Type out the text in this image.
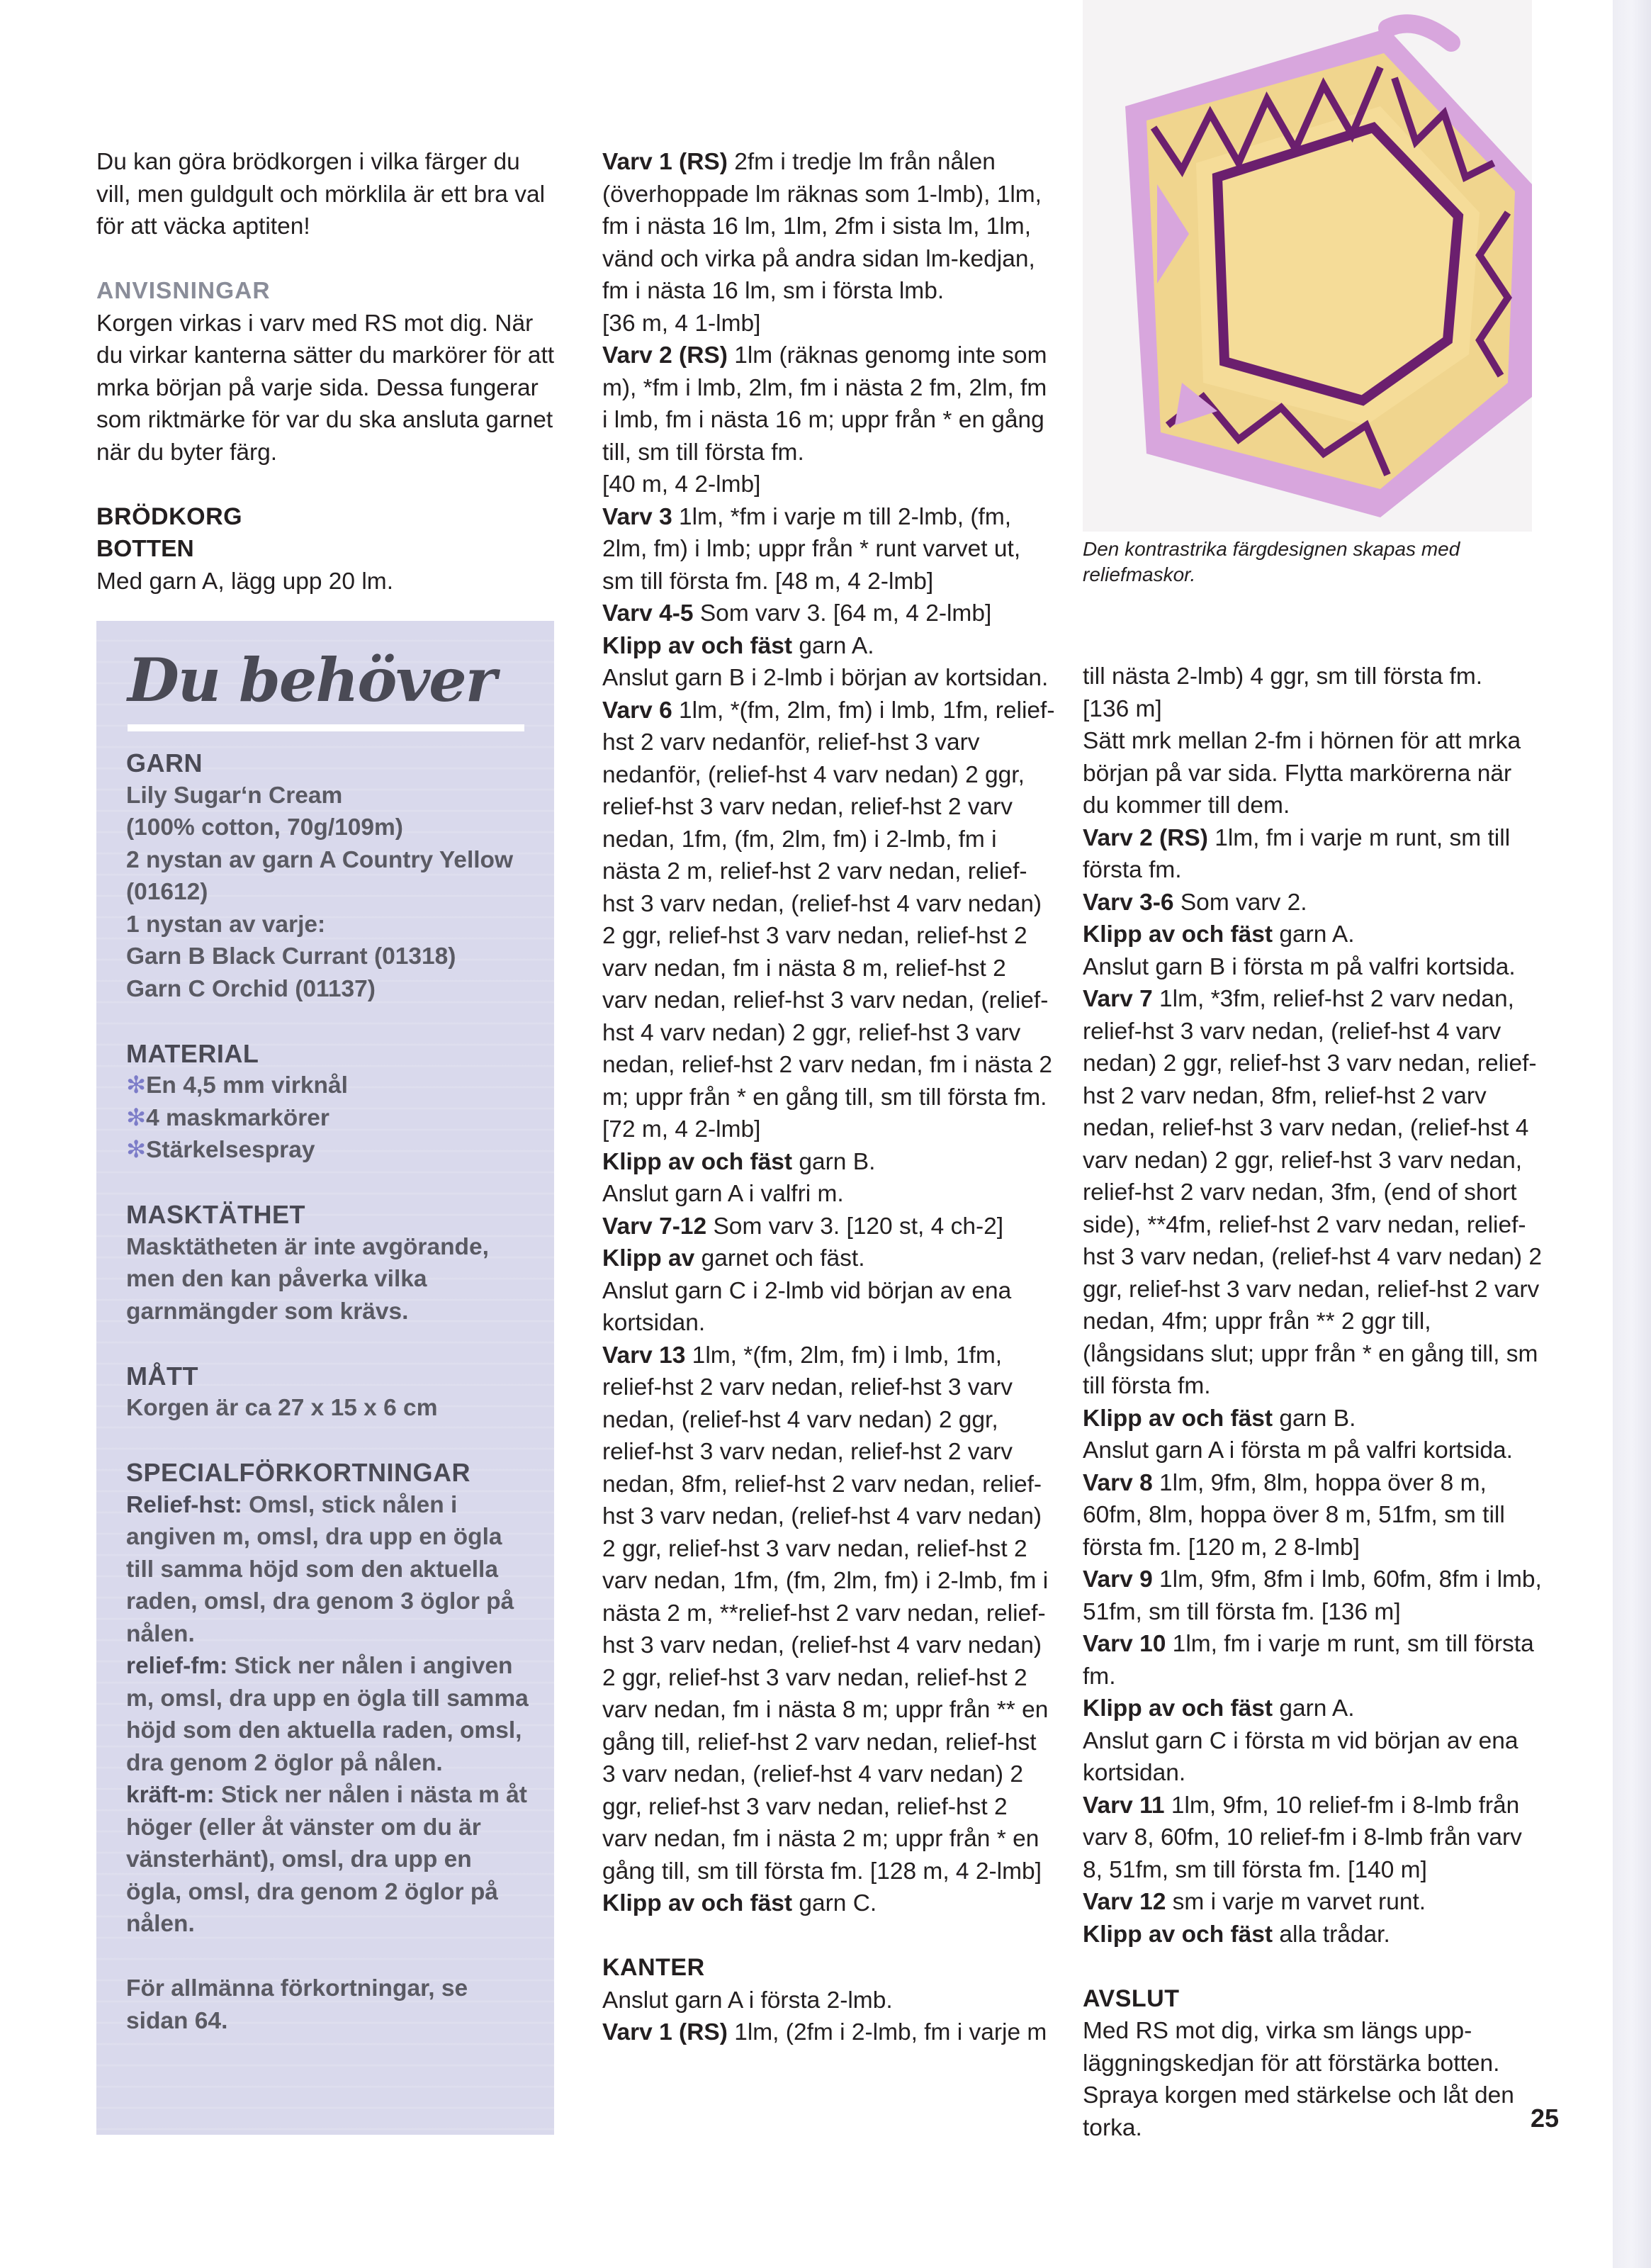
Du kan göra brödkorgen i vilka färger du vill, men guldgult och mörklila är ett bra val för att väcka aptiten!

ANVISNINGAR

Korgen virkas i varv med RS mot dig. När du virkar kanterna sätter du markörer för att mrka början på varje sida. Dessa fungerar som riktmärke för var du ska ansluta garnet när du byter färg.

BRÖDKORG

BOTTEN

Med garn A, lägg upp 20 lm.

Du behöver

GARN

Lily Sugar‘n Cream

(100% cotton, 70g/109m)

2 nystan av garn A Country Yellow (01612)

1 nystan av varje:

Garn B Black Currant (01318)

Garn C Orchid (01137)

MATERIAL

✻En 4,5 mm virknål

✻4 maskmarkörer

✻Stärkelsespray

MASKTÄTHET

Masktätheten är inte avgörande, men den kan påverka vilka garnmängder som krävs.

MÅTT

Korgen är ca 27 x 15 x 6 cm

SPECIALFÖRKORTNINGAR

Relief-hst: Omsl, stick nålen i angiven m, omsl, dra upp en ögla till samma höjd som den aktuella raden, omsl, dra genom 3 öglor på nålen.

relief-fm: Stick ner nålen i angiven m, omsl, dra upp en ögla till samma höjd som den aktuella raden, omsl, dra genom 2 öglor på nålen.

kräft-m: Stick ner nålen i nästa m åt höger (eller åt vänster om du är vänsterhänt), omsl, dra upp en ögla, omsl, dra genom 2 öglor på nålen.

För allmänna förkortningar, se sidan 64.

Varv 1 (RS) 2fm i tredje lm från nålen (överhoppade lm räknas som 1-lmb), 1lm, fm i nästa 16 lm, 1lm, 2fm i sista lm, 1lm, vänd och virka på andra sidan lm-kedjan, fm i nästa 16 lm, sm i första lmb.

[36 m, 4 1-lmb]

Varv 2 (RS) 1lm (räknas genomg inte som m), *fm i lmb, 2lm, fm i nästa 2 fm, 2lm, fm i lmb, fm i nästa 16 m; uppr från * en gång till, sm till första fm.

[40 m, 4 2-lmb]

Varv 3 1lm, *fm i varje m till 2-lmb, (fm, 2lm, fm) i lmb; uppr från * runt varvet ut, sm till första fm. [48 m, 4 2-lmb]

Varv 4-5 Som varv 3. [64 m, 4 2-lmb]

Klipp av och fäst garn A.

Anslut garn B i 2-lmb i början av kortsidan.

Varv 6 1lm, *(fm, 2lm, fm) i lmb, 1fm, relief-hst 2 varv nedanför, relief-hst 3 varv nedanför, (relief-hst 4 varv nedan) 2 ggr, relief-hst 3 varv nedan, relief-hst 2 varv nedan, 1fm, (fm, 2lm, fm) i 2-lmb, fm i nästa 2 m, relief-hst 2 varv nedan, relief-hst 3 varv nedan, (relief-hst 4 varv nedan) 2 ggr, relief-hst 3 varv nedan, relief-hst 2 varv nedan, fm i nästa 8 m, relief-hst 2 varv nedan, relief-hst 3 varv nedan, (relief-hst 4 varv nedan) 2 ggr, relief-hst 3 varv nedan, relief-hst 2 varv nedan, fm i nästa 2 m; uppr från * en gång till, sm till första fm.

[72 m, 4 2-lmb]

Klipp av och fäst garn B.

Anslut garn A i valfri m.

Varv 7-12 Som varv 3. [120 st, 4 ch-2]

Klipp av garnet och fäst.

Anslut garn C i 2-lmb vid början av ena kortsidan.

Varv 13 1lm, *(fm, 2lm, fm) i lmb, 1fm, relief-hst 2 varv nedan, relief-hst 3 varv nedan, (relief-hst 4 varv nedan) 2 ggr, relief-hst 3 varv nedan, relief-hst 2 varv nedan, 8fm, relief-hst 2 varv nedan, relief-hst 3 varv nedan, (relief-hst 4 varv nedan) 2 ggr, relief-hst 3 varv nedan, relief-hst 2 varv nedan, 1fm, (fm, 2lm, fm) i 2-lmb, fm i nästa 2 m, **relief-hst 2 varv nedan, relief-hst 3 varv nedan, (relief-hst 4 varv nedan) 2 ggr, relief-hst 3 varv nedan, relief-hst 2 varv nedan, fm i nästa 8 m; uppr från ** en gång till, relief-hst 2 varv nedan, relief-hst 3 varv nedan, (relief-hst 4 varv nedan) 2 ggr, relief-hst 3 varv nedan, relief-hst 2 varv nedan, fm i nästa 2 m; uppr från * en gång till, sm till första fm. [128 m, 4 2-lmb]

Klipp av och fäst garn C.

KANTER

Anslut garn A i första 2-lmb.

Varv 1 (RS) 1lm, (2fm i 2-lmb, fm i varje m

Den kontrastrika färgdesignen skapas med reliefmaskor.

till nästa 2-lmb) 4 ggr, sm till första fm.

[136 m]

Sätt mrk mellan 2-fm i hörnen för att mrka början på var sida. Flytta markörerna när du kommer till dem.

Varv 2 (RS) 1lm, fm i varje m runt, sm till första fm.

Varv 3-6 Som varv 2.

Klipp av och fäst garn A.

Anslut garn B i första m på valfri kortsida.

Varv 7 1lm, *3fm, relief-hst 2 varv nedan, relief-hst 3 varv nedan, (relief-hst 4 varv nedan) 2 ggr, relief-hst 3 varv nedan, relief-hst 2 varv nedan, 8fm, relief-hst 2 varv nedan, relief-hst 3 varv nedan, (relief-hst 4 varv nedan) 2 ggr, relief-hst 3 varv nedan, relief-hst 2 varv nedan, 3fm, (end of short side), **4fm, relief-hst 2 varv nedan, relief-hst 3 varv nedan, (relief-hst 4 varv nedan) 2 ggr, relief-hst 3 varv nedan, relief-hst 2 varv nedan, 4fm; uppr från ** 2 ggr till, (långsidans slut; uppr från * en gång till, sm till första fm.

Klipp av och fäst garn B.

Anslut garn A i första m på valfri kortsida.

Varv 8 1lm, 9fm, 8lm, hoppa över 8 m, 60fm, 8lm, hoppa över 8 m, 51fm, sm till första fm. [120 m, 2 8-lmb]

Varv 9 1lm, 9fm, 8fm i lmb, 60fm, 8fm i lmb, 51fm, sm till första fm. [136 m]

Varv 10 1lm, fm i varje m runt, sm till första fm.

Klipp av och fäst garn A.

Anslut garn C i första m vid början av ena kortsidan.

Varv 11 1lm, 9fm, 10 relief-fm i 8-lmb från varv 8, 60fm, 10 relief-fm i 8-lmb från varv 8, 51fm, sm till första fm. [140 m]

Varv 12 sm i varje m varvet runt.

Klipp av och fäst alla trådar.

AVSLUT

Med RS mot dig, virka sm längs upp-läggningskedjan för att förstärka botten. Spraya korgen med stärkelse och låt den torka.	25
